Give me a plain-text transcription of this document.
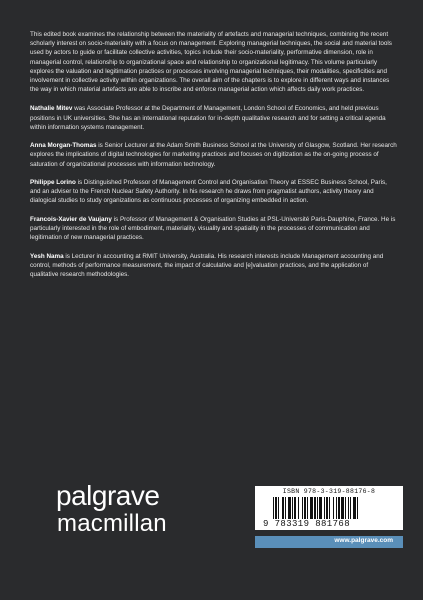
This edited book examines the relationship between the materiality of artefacts and managerial techniques, combining the recent scholarly interest on socio-materiality with a focus on management. Exploring managerial techniques, the social and material tools used by actors to guide or facilitate collective activities, topics include their socio-materiality, performative dimension, role in managerial control, relationship to organizational space and relationship to organizational legitimacy. This volume particularly explores the valuation and legitimation practices or processes involving managerial techniques, their modalities, specificities and involvement in collective activity within organizations. The overall aim of the chapters is to explore in different ways and instances the way in which material artefacts are able to inscribe and enforce managerial action which affects daily work practices.

Nathalie Mitev was Associate Professor at the Department of Management, London School of Economics, and held previous positions in UK universities. She has an international reputation for in-depth qualitative research and for setting a critical agenda within information systems management.

Anna Morgan-Thomas is Senior Lecturer at the Adam Smith Business School at the University of Glasgow, Scotland. Her research explores the implications of digital technologies for marketing practices and focuses on digitization as the on-going process of saturation of organizational processes with information technology.

Philippe Lorino is Distinguished Professor of Management Control and Organisation Theory at ESSEC Business School, Paris, and an adviser to the French Nuclear Safety Authority. In his research he draws from pragmatist authors, activity theory and dialogical studies to study organizations as continuous processes of organizing embedded in action.

Francois-Xavier de Vaujany is Professor of Management & Organisation Studies at PSL-Université Paris-Dauphine, France. He is particularly interested in the role of embodiment, materiality, visuality and spatiality in the processes of communication and legitimation of new managerial practices.

Yesh Nama is Lecturer in accounting at RMIT University, Australia. His research interests include Management accounting and control, methods of performance measurement, the impact of calculative and [e]valuation practices, and the application of qualitative research methodologies.

palgrave
macmillan
ISBN 978-3-319-88176-8
9 783319 881768
www.palgrave.com
